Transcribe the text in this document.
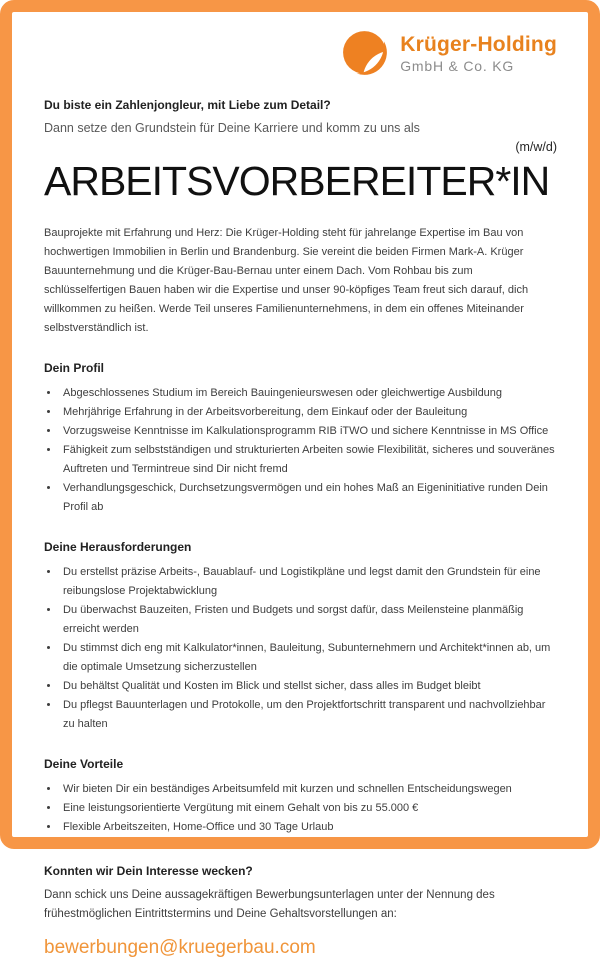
Krüger-Holding
GmbH & Co. KG

Du biste ein Zahlenjongleur, mit Liebe zum Detail?

Dann setze den Grundstein für Deine Karriere und komm zu uns als

(m/w/d)
ARBEITSVORBEREITER*IN

Bauprojekte mit Erfahrung und Herz: Die Krüger-Holding steht für jahrelange Expertise im Bau von hochwertigen Immobilien in Berlin und Brandenburg. Sie vereint die beiden Firmen Mark-A. Krüger Bauunternehmung und die Krüger-Bau-Bernau unter einem Dach. Vom Rohbau bis zum schlüsselfertigen Bauen haben wir die Expertise und unser 90-köpfiges Team freut sich darauf, dich willkommen zu heißen. Werde Teil unseres Familienunternehmens, in dem ein offenes Miteinander selbstverständlich ist.

Dein Profil
• Abgeschlossenes Studium im Bereich Bauingenieurswesen oder gleichwertige Ausbildung
• Mehrjährige Erfahrung in der Arbeitsvorbereitung, dem Einkauf oder der Bauleitung
• Vorzugsweise Kenntnisse im Kalkulationsprogramm RIB iTWO und sichere Kenntnisse in MS Office
• Fähigkeit zum selbstständigen und strukturierten Arbeiten sowie Flexibilität, sicheres und souveränes Auftreten und Termintreue sind Dir nicht fremd
• Verhandlungsgeschick, Durchsetzungsvermögen und ein hohes Maß an Eigeninitiative runden Dein Profil ab
Deine Herausforderungen
• Du erstellst präzise Arbeits-, Bauablauf- und Logistikpläne und legst damit den Grundstein für eine reibungslose Projektabwicklung
• Du überwachst Bauzeiten, Fristen und Budgets und sorgst dafür, dass Meilensteine planmäßig erreicht werden
• Du stimmst dich eng mit Kalkulator*innen, Bauleitung, Subunternehmern und Architekt*innen ab, um die optimale Umsetzung sicherzustellen
• Du behältst Qualität und Kosten im Blick und stellst sicher, dass alles im Budget bleibt
• Du pflegst Bauunterlagen und Protokolle, um den Projektfortschritt transparent und nachvollziehbar zu halten
Deine Vorteile
• Wir bieten Dir ein beständiges Arbeitsumfeld mit kurzen und schnellen Entscheidungswegen
• Eine leistungsorientierte Vergütung mit einem Gehalt von bis zu 55.000 €
• Flexible Arbeitszeiten, Home-Office und 30 Tage Urlaub

Konnten wir Dein Interesse wecken?

Dann schick uns Deine aussagekräftigen Bewerbungsunterlagen unter der Nennung des frühestmöglichen Eintrittstermins und Deine Gehaltsvorstellungen an:

bewerbungen@kruegerbau.com
